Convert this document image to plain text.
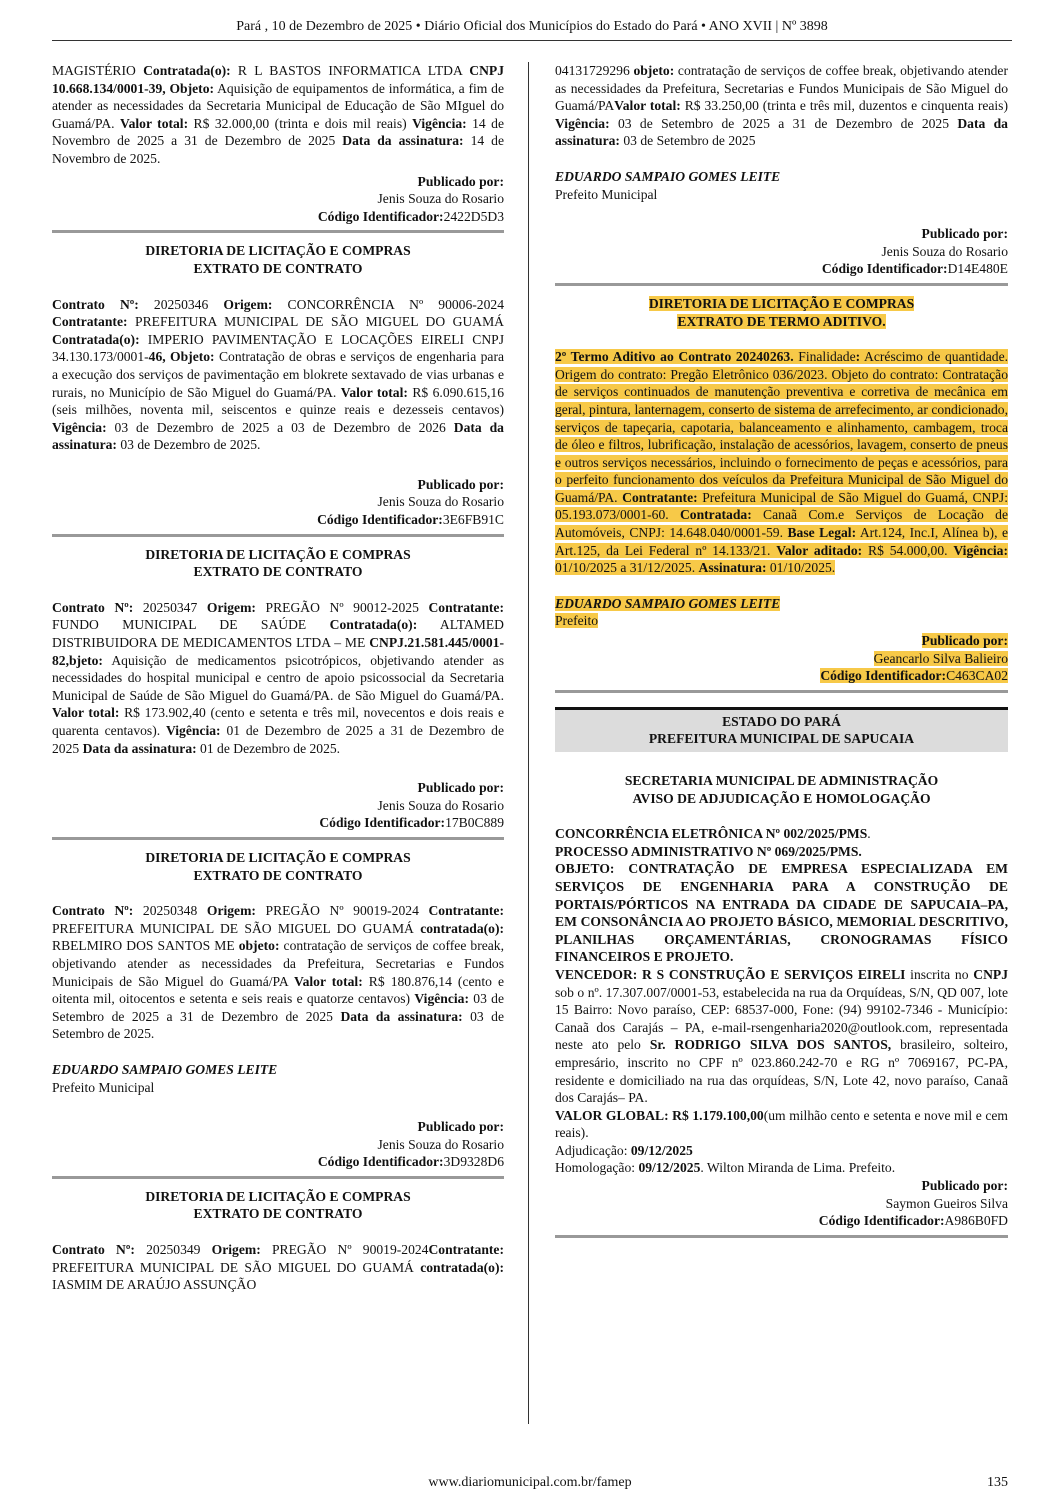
Pará , 10 de Dezembro de 2025 • Diário Oficial dos Municípios do Estado do Pará • ANO XVII | Nº 3898

MAGISTÉRIO Contratada(o): R L BASTOS INFORMATICA LTDA CNPJ 10.668.134/0001-39, Objeto: Aquisição de equipamentos de informática, a fim de atender as necessidades da Secretaria Municipal de Educação de São MIguel do Guamá/PA. Valor total: R$ 32.000,00 (trinta e dois mil reais) Vigência: 14 de Novembro de 2025 a 31 de Dezembro de 2025 Data da assinatura: 14 de Novembro de 2025.

Publicado por:
Jenis Souza do Rosario
Código Identificador:2422D5D3
DIRETORIA DE LICITAÇÃO E COMPRAS
EXTRATO DE CONTRATO

Contrato Nº: 20250346 Origem: CONCORRÊNCIA Nº 90006-2024 Contratante: PREFEITURA MUNICIPAL DE SÃO MIGUEL DO GUAMÁ Contratada(o): IMPERIO PAVIMENTAÇÃO E LOCAÇÕES EIRELI CNPJ 34.130.173/0001-46, Objeto: Contratação de obras e serviços de engenharia para a execução dos serviços de pavimentação em blokrete sextavado de vias urbanas e rurais, no Município de São Miguel do Guamá/PA. Valor total: R$ 6.090.615,16 (seis milhões, noventa mil, seiscentos e quinze reais e dezesseis centavos) Vigência: 03 de Dezembro de 2025 a 03 de Dezembro de 2026 Data da assinatura: 03 de Dezembro de 2025.

Publicado por:
Jenis Souza do Rosario
Código Identificador:3E6FB91C
DIRETORIA DE LICITAÇÃO E COMPRAS
EXTRATO DE CONTRATO

Contrato Nº: 20250347 Origem: PREGÃO Nº 90012-2025 Contratante: FUNDO MUNICIPAL DE SAÚDE Contratada(o): ALTAMED DISTRIBUIDORA DE MEDICAMENTOS LTDA – ME CNPJ.21.581.445/0001-82,bjeto: Aquisição de medicamentos psicotrópicos, objetivando atender as necessidades do hospital municipal e centro de apoio psicossocial da Secretaria Municipal de Saúde de São Miguel do Guamá/PA. de São Miguel do Guamá/PA. Valor total: R$ 173.902,40 (cento e setenta e três mil, novecentos e dois reais e quarenta centavos). Vigência: 01 de Dezembro de 2025 a 31 de Dezembro de 2025 Data da assinatura: 01 de Dezembro de 2025.

Publicado por:
Jenis Souza do Rosario
Código Identificador:17B0C889
DIRETORIA DE LICITAÇÃO E COMPRAS
EXTRATO DE CONTRATO

Contrato Nº: 20250348 Origem: PREGÃO Nº 90019-2024 Contratante: PREFEITURA MUNICIPAL DE SÃO MIGUEL DO GUAMÁ contratada(o): RBELMIRO DOS SANTOS ME objeto: contratação de serviços de coffee break, objetivando atender as necessidades da Prefeitura, Secretarias e Fundos Municipais de São Miguel do Guamá/PA Valor total: R$ 180.876,14 (cento e oitenta mil, oitocentos e setenta e seis reais e quatorze centavos) Vigência: 03 de Setembro de 2025 a 31 de Dezembro de 2025 Data da assinatura: 03 de Setembro de 2025.

EDUARDO SAMPAIO GOMES LEITE
Prefeito Municipal
Publicado por:
Jenis Souza do Rosario
Código Identificador:3D9328D6
DIRETORIA DE LICITAÇÃO E COMPRAS
EXTRATO DE CONTRATO

Contrato Nº: 20250349 Origem: PREGÃO Nº 90019-2024Contratante: PREFEITURA MUNICIPAL DE SÃO MIGUEL DO GUAMÁ contratada(o): IASMIM DE ARAÚJO ASSUNÇÃO

04131729296 objeto: contratação de serviços de coffee break, objetivando atender as necessidades da Prefeitura, Secretarias e Fundos Municipais de São Miguel do Guamá/PAValor total: R$ 33.250,00 (trinta e três mil, duzentos e cinquenta reais) Vigência: 03 de Setembro de 2025 a 31 de Dezembro de 2025 Data da assinatura: 03 de Setembro de 2025

EDUARDO SAMPAIO GOMES LEITE
Prefeito Municipal
Publicado por:
Jenis Souza do Rosario
Código Identificador:D14E480E
DIRETORIA DE LICITAÇÃO E COMPRAS
EXTRATO DE TERMO ADITIVO.

2º Termo Aditivo ao Contrato 20240263. Finalidade: Acréscimo de quantidade. Origem do contrato: Pregão Eletrônico 036/2023. Objeto do contrato: Contratação de serviços continuados de manutenção preventiva e corretiva de mecânica em geral, pintura, lanternagem, conserto de sistema de arrefecimento, ar condicionado, serviços de tapeçaria, capotaria, balanceamento e alinhamento, cambagem, troca de óleo e filtros, lubrificação, instalação de acessórios, lavagem, conserto de pneus e outros serviços necessários, incluindo o fornecimento de peças e acessórios, para o perfeito funcionamento dos veículos da Prefeitura Municipal de São Miguel do Guamá/PA. Contratante: Prefeitura Municipal de São Miguel do Guamá, CNPJ: 05.193.073/0001-60. Contratada: Canaã Com.e Serviços de Locação de Automóveis, CNPJ: 14.648.040/0001-59. Base Legal: Art.124, Inc.I, Alínea b), e Art.125, da Lei Federal nº 14.133/21. Valor aditado: R$ 54.000,00. Vigência: 01/10/2025 a 31/12/2025. Assinatura: 01/10/2025.

EDUARDO SAMPAIO GOMES LEITE
Prefeito
Publicado por:
Geancarlo Silva Balieiro
Código Identificador:C463CA02
ESTADO DO PARÁ
PREFEITURA MUNICIPAL DE SAPUCAIA
SECRETARIA MUNICIPAL DE ADMINISTRAÇÃO
AVISO DE ADJUDICAÇÃO E HOMOLOGAÇÃO

CONCORRÊNCIA ELETRÔNICA Nº 002/2025/PMS.

PROCESSO ADMINISTRATIVO Nº 069/2025/PMS.

OBJETO: CONTRATAÇÃO DE EMPRESA ESPECIALIZADA EM SERVIÇOS DE ENGENHARIA PARA A CONSTRUÇÃO DE PORTAIS/PÓRTICOS NA ENTRADA DA CIDADE DE SAPUCAIA–PA, EM CONSONÂNCIA AO PROJETO BÁSICO, MEMORIAL DESCRITIVO, PLANILHAS ORÇAMENTÁRIAS, CRONOGRAMAS FÍSICO FINANCEIROS E PROJETO.

VENCEDOR: R S CONSTRUÇÃO E SERVIÇOS EIRELI inscrita no CNPJ sob o nº. 17.307.007/0001-53, estabelecida na rua da Orquídeas, S/N, QD 007, lote 15 Bairro: Novo paraíso, CEP: 68537-000, Fone: (94) 99102-7346 - Município: Canaã dos Carajás – PA, e-mail-rsengenharia2020@outlook.com, representada neste ato pelo Sr. RODRIGO SILVA DOS SANTOS, brasileiro, solteiro, empresário, inscrito no CPF nº 023.860.242-70 e RG nº 7069167, PC-PA, residente e domiciliado na rua das orquídeas, S/N, Lote 42, novo paraíso, Canaã dos Carajás– PA.

VALOR GLOBAL: R$ 1.179.100,00(um milhão cento e setenta e nove mil e cem reais).

Adjudicação: 09/12/2025

Homologação: 09/12/2025. Wilton Miranda de Lima. Prefeito.

Publicado por:
Saymon Gueiros Silva
Código Identificador:A986B0FD
www.diariomunicipal.com.br/famep	135
